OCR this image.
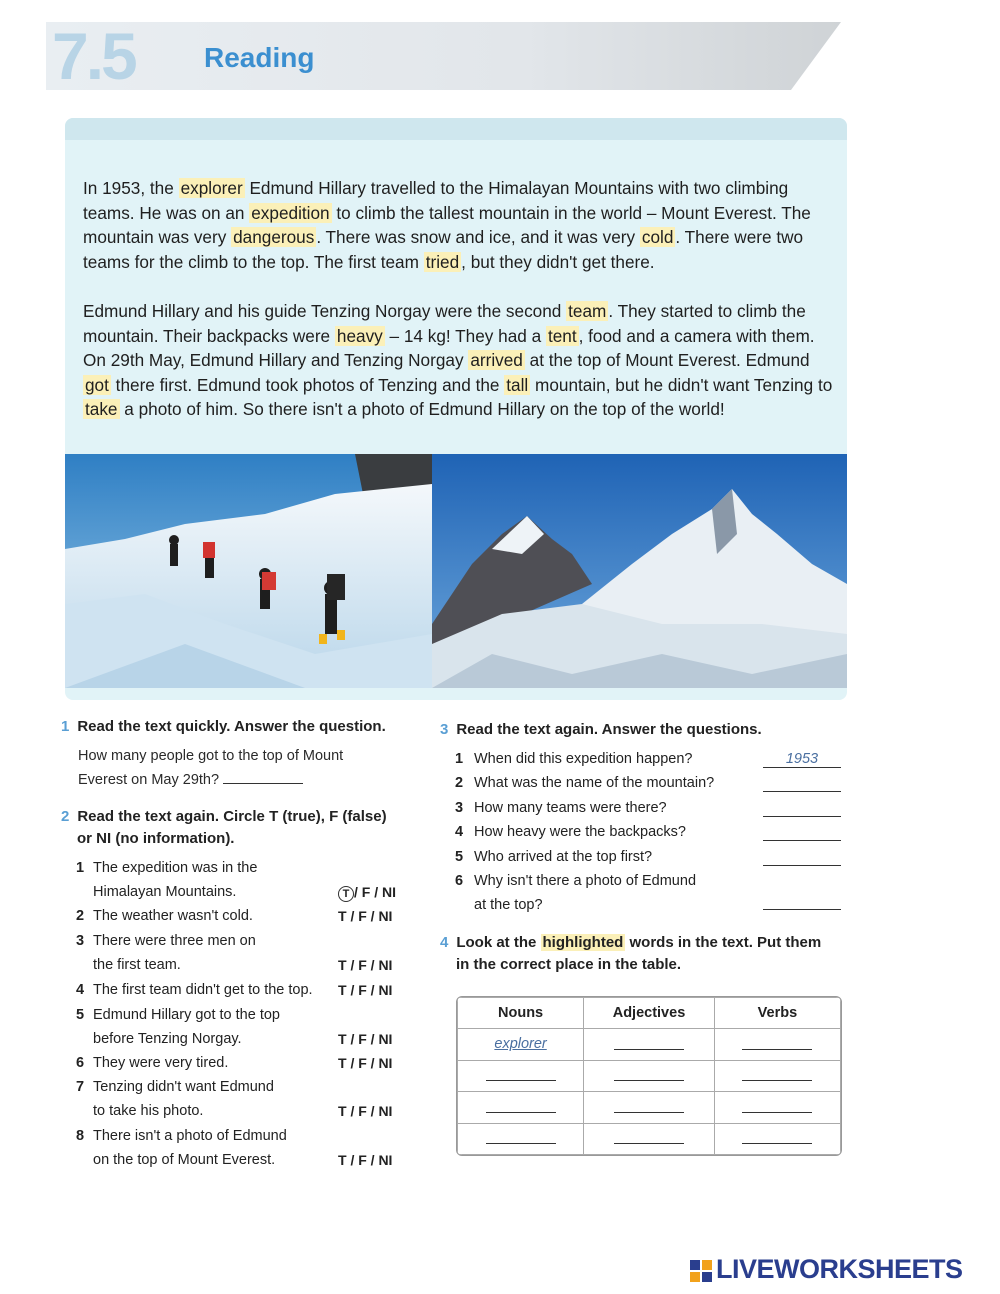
7.5 Reading
In 1953, the explorer Edmund Hillary travelled to the Himalayan Mountains with two climbing teams. He was on an expedition to climb the tallest mountain in the world – Mount Everest. The mountain was very dangerous . There was snow and ice, and it was very cold . There were two teams for the climb to the top. The first team tried , but they didn't get there.
Edmund Hillary and his guide Tenzing Norgay were the second team . They started to climb the mountain. Their backpacks were heavy – 14 kg! They had a tent , food and a camera with them. On 29th May, Edmund Hillary and Tenzing Norgay arrived at the top of Mount Everest. Edmund got there first. Edmund took photos of Tenzing and the tall mountain, but he didn't want Tenzing to take a photo of him. So there isn't a photo of Edmund Hillary on the top of the world!
1 Read the text quickly. Answer the question.
How many people got to the top of Mount
Everest on May 29th?
2 Read the text again. Circle T (true), F (false)
or NI (no information).
1 The expedition was in the
Himalayan Mountains.	T / F / NI
2 The weather wasn't cold.	T / F / NI
3 There were three men on
the first team.	T / F / NI
4 The first team didn't get to the top.	T / F / NI
5 Edmund Hillary got to the top
before Tenzing Norgay.	T / F / NI
6 They were very tired.	T / F / NI
7 Tenzing didn't want Edmund
to take his photo.	T / F / NI
8 There isn't a photo of Edmund
on the top of Mount Everest.	T / F / NI
3 Read the text again. Answer the questions.
1 When did this expedition happen?	1953
2 What was the name of the mountain?
3 How many teams were there?
4 How heavy were the backpacks?
5 Who arrived at the top first?
6 Why isn't there a photo of Edmund
at the top?
4 Look at the highlighted words in the text. Put them
in the correct place in the table.
Nouns	Adjectives	Verbs
explorer		

LIVEWORKSHEETS
